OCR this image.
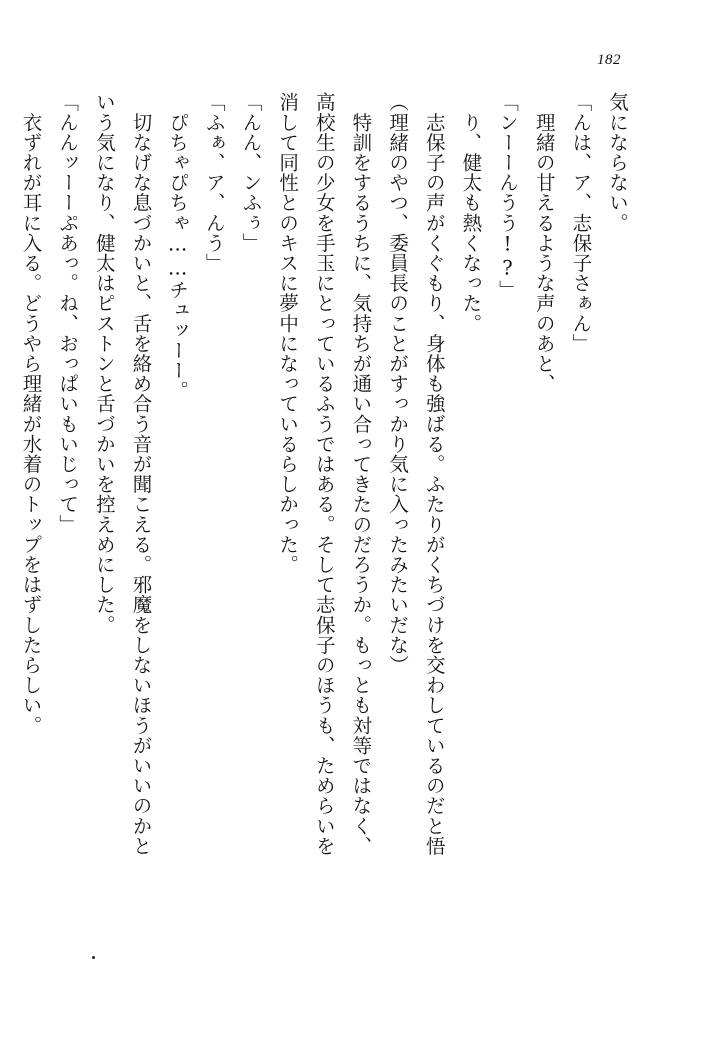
182

気にならない。

「んは、ア、志保子さぁん」

　理緒の甘えるような声のあと、

「ンーーんうう!?」

　り、健太も熱くなった。

　志保子の声がくぐもり、身体も強ばる。ふたりがくちづけを交わしているのだと悟

（理緒のやつ、委員長のことがすっかり気に入ったみたいだな）

　特訓をするうちに、気持ちが通い合ってきたのだろうか。もっとも対等ではなく、

高校生の少女を手玉にとっているふうではある。そして志保子のほうも、ためらいを

消して同性とのキスに夢中になっているらしかった。

「んん、ンふぅ」

「ふぁ、ア、んう」

　ぴちゃぴちゃ……チュッーー。

　切なげな息づかいと、舌を絡め合う音が聞こえる。邪魔をしないほうがいいのかと

いう気になり、健太はピストンと舌づかいを控えめにした。

「んんッーーぷあっ。ね、おっぱいもいじって」

　衣ずれが耳に入る。どうやら理緒が水着のトップをはずしたらしい。
